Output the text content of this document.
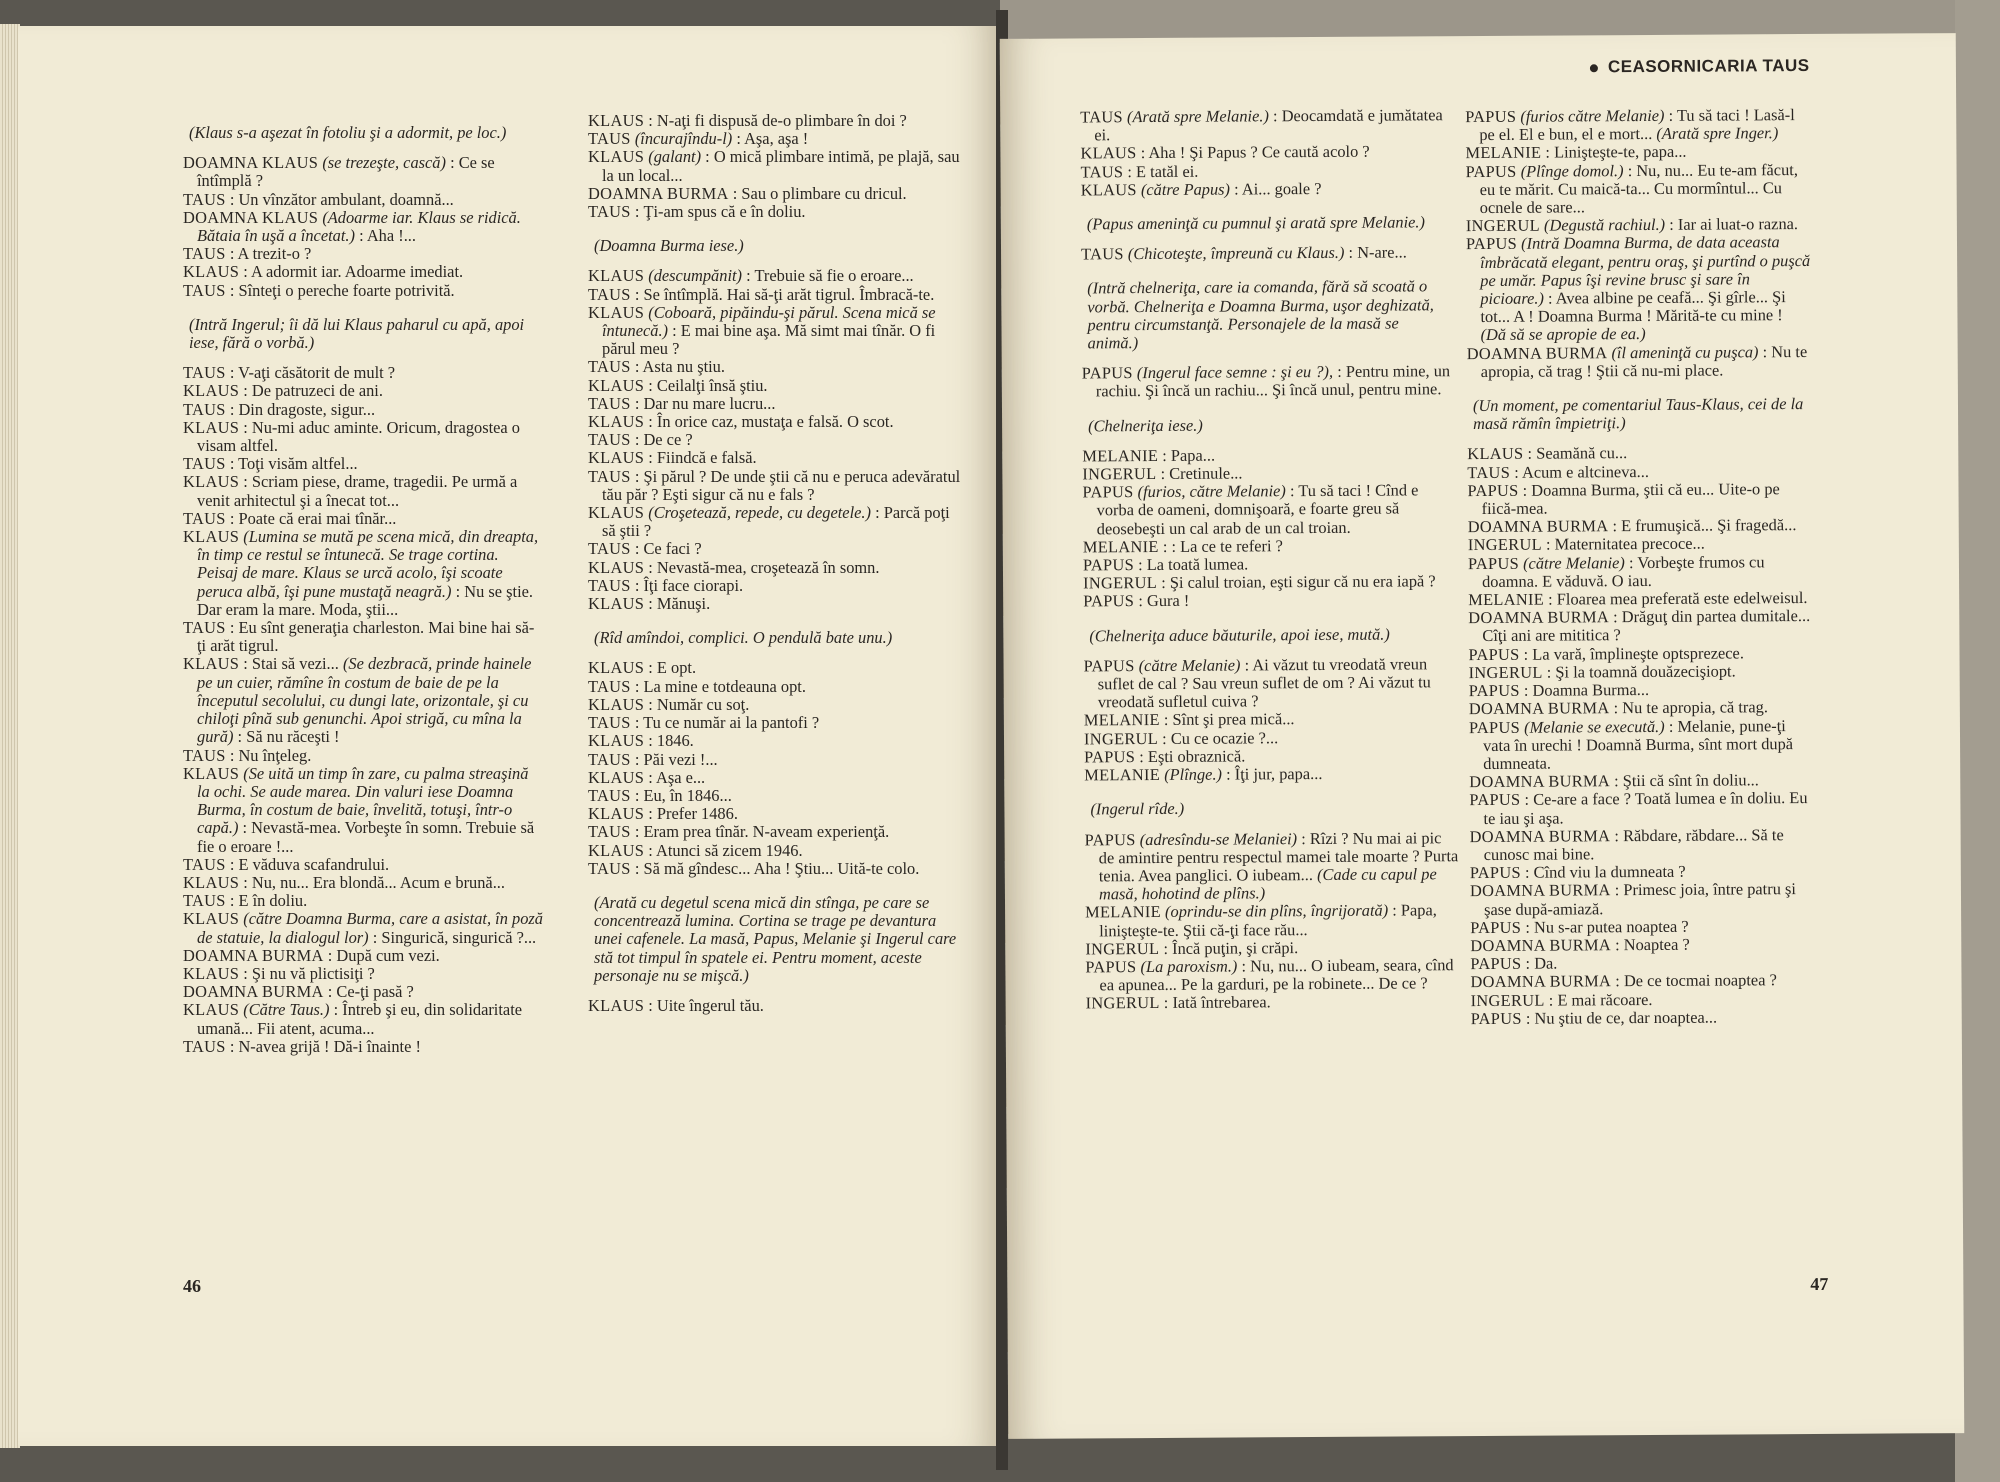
(Klaus s-a aşezat în fotoliu şi a adormit, pe loc.)

DOAMNA KLAUS (se trezeşte, cască) : Ce se întîmplă ?

TAUS : Un vînzător ambulant, doamnă...

DOAMNA KLAUS (Adoarme iar. Klaus se ridică. Bătaia în uşă a încetat.) : Aha !...

TAUS : A trezit-o ?

KLAUS : A adormit iar. Adoarme imediat.

TAUS : Sînteţi o pereche foarte potrivită.

(Intră Ingerul; îi dă lui Klaus paharul cu apă, apoi iese, fără o vorbă.)

TAUS : V-aţi căsătorit de mult ?

KLAUS : De patruzeci de ani.

TAUS : Din dragoste, sigur...

KLAUS : Nu-mi aduc aminte. Oricum, dragostea o visam altfel.

TAUS : Toţi visăm altfel...

KLAUS : Scriam piese, drame, tragedii. Pe urmă a venit arhitectul şi a înecat tot...

TAUS : Poate că erai mai tînăr...

KLAUS (Lumina se mută pe scena mică, din dreapta, în timp ce restul se întunecă. Se trage cortina. Peisaj de mare. Klaus se urcă acolo, îşi scoate peruca albă, îşi pune mustaţă neagră.) : Nu se ştie. Dar eram la mare. Moda, ştii...

TAUS : Eu sînt generaţia charleston. Mai bine hai să-ţi arăt tigrul.

KLAUS : Stai să vezi... (Se dezbracă, prinde hainele pe un cuier, rămîne în costum de baie de pe la începutul secolului, cu dungi late, orizontale, şi cu chiloţi pînă sub genunchi. Apoi strigă, cu mîna la gură) : Să nu răceşti !

TAUS : Nu înţeleg.

KLAUS (Se uită un timp în zare, cu palma streaşină la ochi. Se aude marea. Din valuri iese Doamna Burma, în costum de baie, învelită, totuşi, într-o capă.) : Nevastă-mea. Vorbeşte în somn. Trebuie să fie o eroare !...

TAUS : E văduva scafandrului.

KLAUS : Nu, nu... Era blondă... Acum e brună...

TAUS : E în doliu.

KLAUS (către Doamna Burma, care a asistat, în poză de statuie, la dialogul lor) : Singurică, singurică ?...

DOAMNA BURMA : După cum vezi.

KLAUS : Şi nu vă plictisiţi ?

DOAMNA BURMA : Ce-ţi pasă ?

KLAUS (Către Taus.) : Întreb şi eu, din solidaritate umană... Fii atent, acuma...

TAUS : N-avea grijă ! Dă-i înainte !

KLAUS : N-aţi fi dispusă de-o plimbare în doi ?

TAUS (încurajîndu-l) : Aşa, aşa !

KLAUS (galant) : O mică plimbare intimă, pe plajă, sau la un local...

DOAMNA BURMA : Sau o plimbare cu dricul.

TAUS : Ţi-am spus că e în doliu.

(Doamna Burma iese.)

KLAUS (descumpănit) : Trebuie să fie o eroare...

TAUS : Se întîmplă. Hai să-ţi arăt tigrul. Îmbracă-te.

KLAUS (Coboară, pipăindu-şi părul. Scena mică se întunecă.) : E mai bine aşa. Mă simt mai tînăr. O fi părul meu ?

TAUS : Asta nu ştiu.

KLAUS : Ceilalţi însă ştiu.

TAUS : Dar nu mare lucru...

KLAUS : În orice caz, mustaţa e falsă. O scot.

TAUS : De ce ?

KLAUS : Fiindcă e falsă.

TAUS : Şi părul ? De unde ştii că nu e peruca adevăratul tău păr ? Eşti sigur că nu e fals ?

KLAUS (Croşetează, repede, cu degetele.) : Parcă poţi să ştii ?

TAUS : Ce faci ?

KLAUS : Nevastă-mea, croşetează în somn.

TAUS : Îţi face ciorapi.

KLAUS : Mănuşi.

(Rîd amîndoi, complici. O pendulă bate unu.)

KLAUS : E opt.

TAUS : La mine e totdeauna opt.

KLAUS : Număr cu soţ.

TAUS : Tu ce număr ai la pantofi ?

KLAUS : 1846.

TAUS : Păi vezi !...

KLAUS : Aşa e...

TAUS : Eu, în 1846...

KLAUS : Prefer 1486.

TAUS : Eram prea tînăr. N-aveam experienţă.

KLAUS : Atunci să zicem 1946.

TAUS : Să mă gîndesc... Aha ! Ştiu... Uită-te colo.

(Arată cu degetul scena mică din stînga, pe care se concentrează lumina. Cortina se trage pe devantura unei cafenele. La masă, Papus, Melanie şi Ingerul care stă tot timpul în spatele ei. Pentru moment, aceste personaje nu se mişcă.)

KLAUS : Uite îngerul tău.

46
CEASORNICARIA TAUS

TAUS (Arată spre Melanie.) : Deocamdată e jumătatea ei.

KLAUS : Aha ! Şi Papus ? Ce caută acolo ?

TAUS : E tatăl ei.

KLAUS (către Papus) : Ai... goale ?

(Papus ameninţă cu pumnul şi arată spre Melanie.)

TAUS (Chicoteşte, împreună cu Klaus.) : N-are...

(Intră chelneriţa, care ia comanda, fără să scoată o vorbă. Chelneriţa e Doamna Burma, uşor deghizată, pentru circumstanţă. Personajele de la masă se animă.)

PAPUS (Ingerul face semne : şi eu ?), : Pentru mine, un rachiu. Şi încă un rachiu... Şi încă unul, pentru mine.

(Chelneriţa iese.)

MELANIE : Papa...

INGERUL : Cretinule...

PAPUS (furios, către Melanie) : Tu să taci ! Cînd e vorba de oameni, domnişoară, e foarte greu să deosebeşti un cal arab de un cal troian.

MELANIE : : La ce te referi ?

PAPUS : La toată lumea.

INGERUL : Şi calul troian, eşti sigur că nu era iapă ?

PAPUS : Gura !

(Chelneriţa aduce băuturile, apoi iese, mută.)

PAPUS (către Melanie) : Ai văzut tu vreodată vreun suflet de cal ? Sau vreun suflet de om ? Ai văzut tu vreodată sufletul cuiva ?

MELANIE : Sînt şi prea mică...

INGERUL : Cu ce ocazie ?...

PAPUS : Eşti obraznică.

MELANIE (Plînge.) : Îţi jur, papa...

(Ingerul rîde.)

PAPUS (adresîndu-se Melaniei) : Rîzi ? Nu mai ai pic de amintire pentru respectul mamei tale moarte ? Purta tenia. Avea panglici. O iubeam... (Cade cu capul pe masă, hohotind de plîns.)

MELANIE (oprindu-se din plîns, îngrijorată) : Papa, linişteşte-te. Ştii că-ţi face rău...

INGERUL : Încă puţin, şi crăpi.

PAPUS (La paroxism.) : Nu, nu... O iubeam, seara, cînd ea apunea... Pe la garduri, pe la robinete... De ce ?

INGERUL : Iată întrebarea.

PAPUS (furios către Melanie) : Tu să taci ! Lasă-l pe el. El e bun, el e mort... (Arată spre Inger.)

MELANIE : Linişteşte-te, papa...

PAPUS (Plînge domol.) : Nu, nu... Eu te-am făcut, eu te mărit. Cu maică-ta... Cu mormîntul... Cu ocnele de sare...

INGERUL (Degustă rachiul.) : Iar ai luat-o razna.

PAPUS (Intră Doamna Burma, de data aceasta îmbrăcată elegant, pentru oraş, şi purtînd o puşcă pe umăr. Papus îşi revine brusc şi sare în picioare.) : Avea albine pe ceafă... Şi gîrle... Şi tot... A ! Doamna Burma ! Mărită-te cu mine ! (Dă să se apropie de ea.)

DOAMNA BURMA (îl ameninţă cu puşca) : Nu te apropia, că trag ! Ştii că nu-mi place.

(Un moment, pe comentariul Taus-Klaus, cei de la masă rămîn împietriţi.)

KLAUS : Seamănă cu...

TAUS : Acum e altcineva...

PAPUS : Doamna Burma, ştii că eu... Uite-o pe fiică-mea.

DOAMNA BURMA : E frumuşică... Şi fragedă...

INGERUL : Maternitatea precoce...

PAPUS (către Melanie) : Vorbeşte frumos cu doamna. E văduvă. O iau.

MELANIE : Floarea mea preferată este edelweisul.

DOAMNA BURMA : Drăguţ din partea dumitale... Cîţi ani are mititica ?

PAPUS : La vară, împlineşte optsprezece.

INGERUL : Şi la toamnă douăzecişiopt.

PAPUS : Doamna Burma...

DOAMNA BURMA : Nu te apropia, că trag.

PAPUS (Melanie se execută.) : Melanie, pune-ţi vata în urechi ! Doamnă Burma, sînt mort după dumneata.

DOAMNA BURMA : Ştii că sînt în doliu...

PAPUS : Ce-are a face ? Toată lumea e în doliu. Eu te iau şi aşa.

DOAMNA BURMA : Răbdare, răbdare... Să te cunosc mai bine.

PAPUS : Cînd viu la dumneata ?

DOAMNA BURMA : Primesc joia, între patru şi şase după-amiază.

PAPUS : Nu s-ar putea noaptea ?

DOAMNA BURMA : Noaptea ?

PAPUS : Da.

DOAMNA BURMA : De ce tocmai noaptea ?

INGERUL : E mai răcoare.

PAPUS : Nu ştiu de ce, dar noaptea...

47
